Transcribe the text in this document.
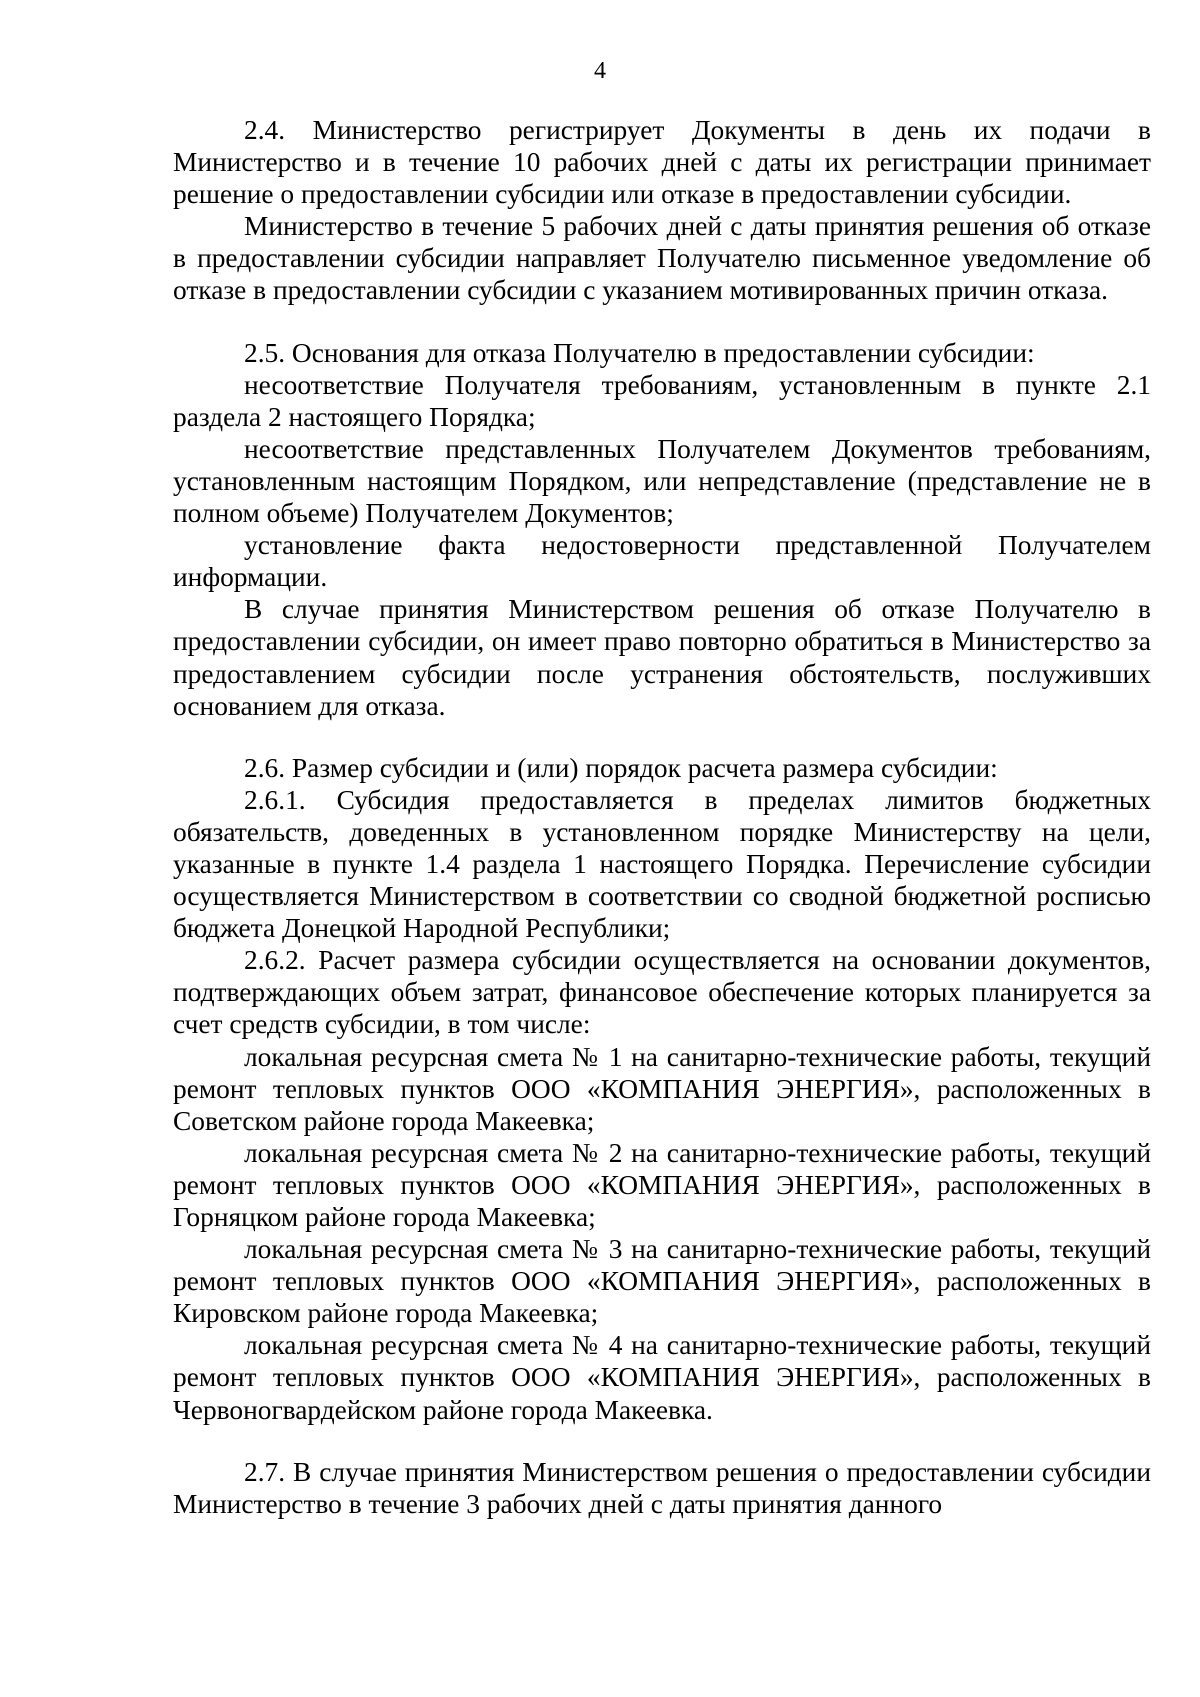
4

2.4. Министерство регистрирует Документы в день их подачи в Министерство и в течение 10 рабочих дней с даты их регистрации принимает решение о предоставлении субсидии или отказе в предоставлении субсидии.

Министерство в течение 5 рабочих дней с даты принятия решения об отказе в предоставлении субсидии направляет Получателю письменное уведомление об отказе в предоставлении субсидии с указанием мотивированных причин отказа.

2.5. Основания для отказа Получателю в предоставлении субсидии:

несоответствие Получателя требованиям, установленным в пункте 2.1 раздела 2 настоящего Порядка;

несоответствие представленных Получателем Документов требованиям, установленным настоящим Порядком, или непредставление (представление не в полном объеме) Получателем Документов;

установление факта недостоверности представленной Получателем информации.

В случае принятия Министерством решения об отказе Получателю в предоставлении субсидии, он имеет право повторно обратиться в Министерство за предоставлением субсидии после устранения обстоятельств, послуживших основанием для отказа.

2.6. Размер субсидии и (или) порядок расчета размера субсидии:

2.6.1. Субсидия предоставляется в пределах лимитов бюджетных обязательств, доведенных в установленном порядке Министерству на цели, указанные в пункте 1.4 раздела 1 настоящего Порядка. Перечисление субсидии осуществляется Министерством в соответствии со сводной бюджетной росписью бюджета Донецкой Народной Республики;

2.6.2. Расчет размера субсидии осуществляется на основании документов, подтверждающих объем затрат, финансовое обеспечение которых планируется за счет средств субсидии, в том числе:

локальная ресурсная смета № 1 на санитарно-технические работы, текущий ремонт тепловых пунктов ООО «КОМПАНИЯ ЭНЕРГИЯ», расположенных в Советском районе города Макеевка;

локальная ресурсная смета № 2 на санитарно-технические работы, текущий ремонт тепловых пунктов ООО «КОМПАНИЯ ЭНЕРГИЯ», расположенных в Горняцком районе города Макеевка;

локальная ресурсная смета № 3 на санитарно-технические работы, текущий ремонт тепловых пунктов ООО «КОМПАНИЯ ЭНЕРГИЯ», расположенных в Кировском районе города Макеевка;

локальная ресурсная смета № 4 на санитарно-технические работы, текущий ремонт тепловых пунктов ООО «КОМПАНИЯ ЭНЕРГИЯ», расположенных в Червоногвардейском районе города Макеевка.

2.7. В случае принятия Министерством решения о предоставлении субсидии Министерство в течение 3 рабочих дней с даты принятия данного
